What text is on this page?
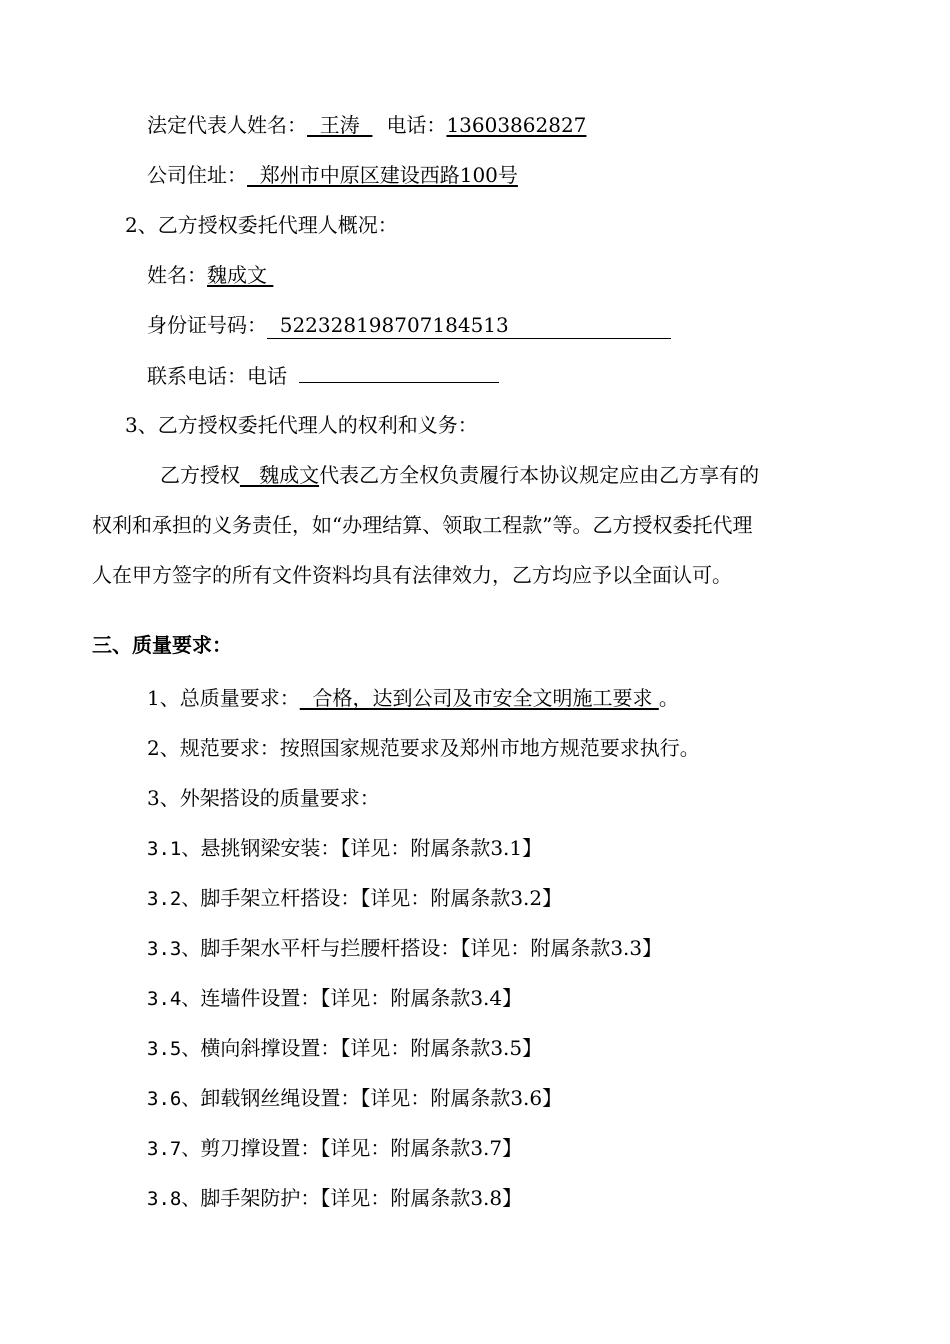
法定代表人姓名：  王涛  电话：13603862827
公司住址：  郑州市中原区建设西路100号
2、乙方授权委托代理人概况：
姓名：魏成文
身份证号码：  522328198707184513
联系电话：电话
3、乙方授权委托代理人的权利和义务：
乙方授权   魏成文代表乙方全权负责履行本协议规定应由乙方享有的
权利和承担的义务责任，如“办理结算、领取工程款”等。乙方授权委托代理
人在甲方签字的所有文件资料均具有法律效力，乙方均应予以全面认可。
三、质量要求：
1、总质量要求：  合格，达到公司及市安全文明施工要求 。
2、规范要求：按照国家规范要求及郑州市地方规范要求执行。
3、外架搭设的质量要求：
3.1、悬挑钢梁安装：【详见：附属条款3.1】
3.2、脚手架立杆搭设：【详见：附属条款3.2】
3.3、脚手架水平杆与拦腰杆搭设：【详见：附属条款3.3】
3.4、连墙件设置：【详见：附属条款3.4】
3.5、横向斜撑设置：【详见：附属条款3.5】
3.6、卸载钢丝绳设置：【详见：附属条款3.6】
3.7、剪刀撑设置：【详见：附属条款3.7】
3.8、脚手架防护：【详见：附属条款3.8】
